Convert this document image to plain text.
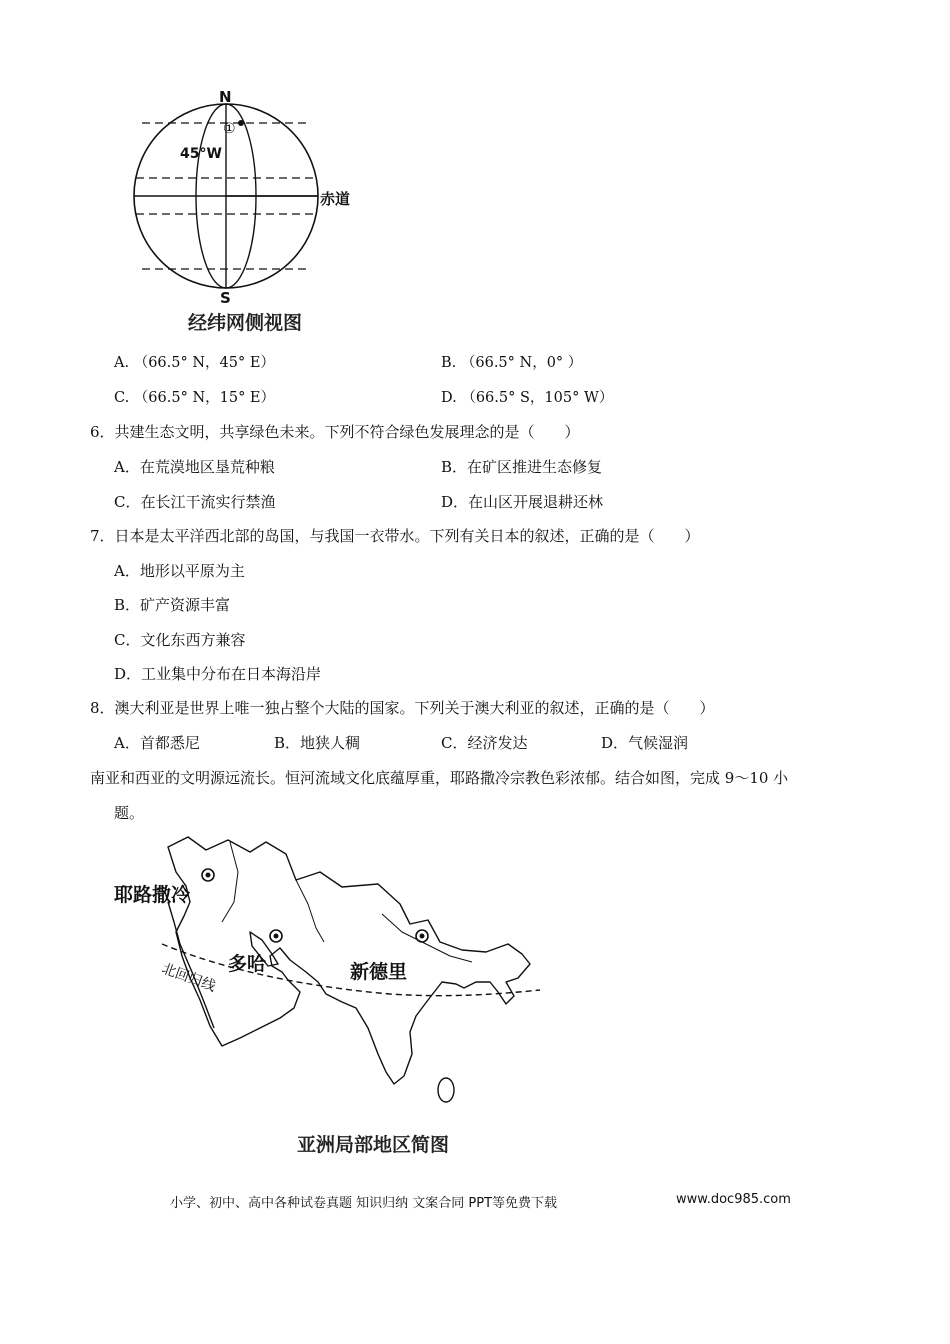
N
S
45°W
①
赤道
经纬网侧视图
A. （66.5° N，45° E）	B. （66.5° N，0° ）
C. （66.5° N，15° E）	D. （66.5° S，105° W）
6．共建生态文明，共享绿色未来。下列不符合绿色发展理念的是（　　）
A．在荒漠地区垦荒种粮	B．在矿区推进生态修复
C．在长江干流实行禁渔	D．在山区开展退耕还林
7．日本是太平洋西北部的岛国，与我国一衣带水。下列有关日本的叙述，正确的是（　　）
A．地形以平原为主
B．矿产资源丰富
C．文化东西方兼容
D．工业集中分布在日本海沿岸
8．澳大利亚是世界上唯一独占整个大陆的国家。下列关于澳大利亚的叙述，正确的是（　　）
A．首都悉尼	B．地狭人稠	C．经济发达	D．气候湿润
南亚和西亚的文明源远流长。恒河流域文化底蕴厚重，耶路撒冷宗教色彩浓郁。结合如图，完成 9～10 小
题。
耶路撒冷
多哈	新德里
北回归线
亚洲局部地区简图
小学、初中、高中各种试卷真题 知识归纳 文案合同 PPT等免费下载	www.doc985.com
